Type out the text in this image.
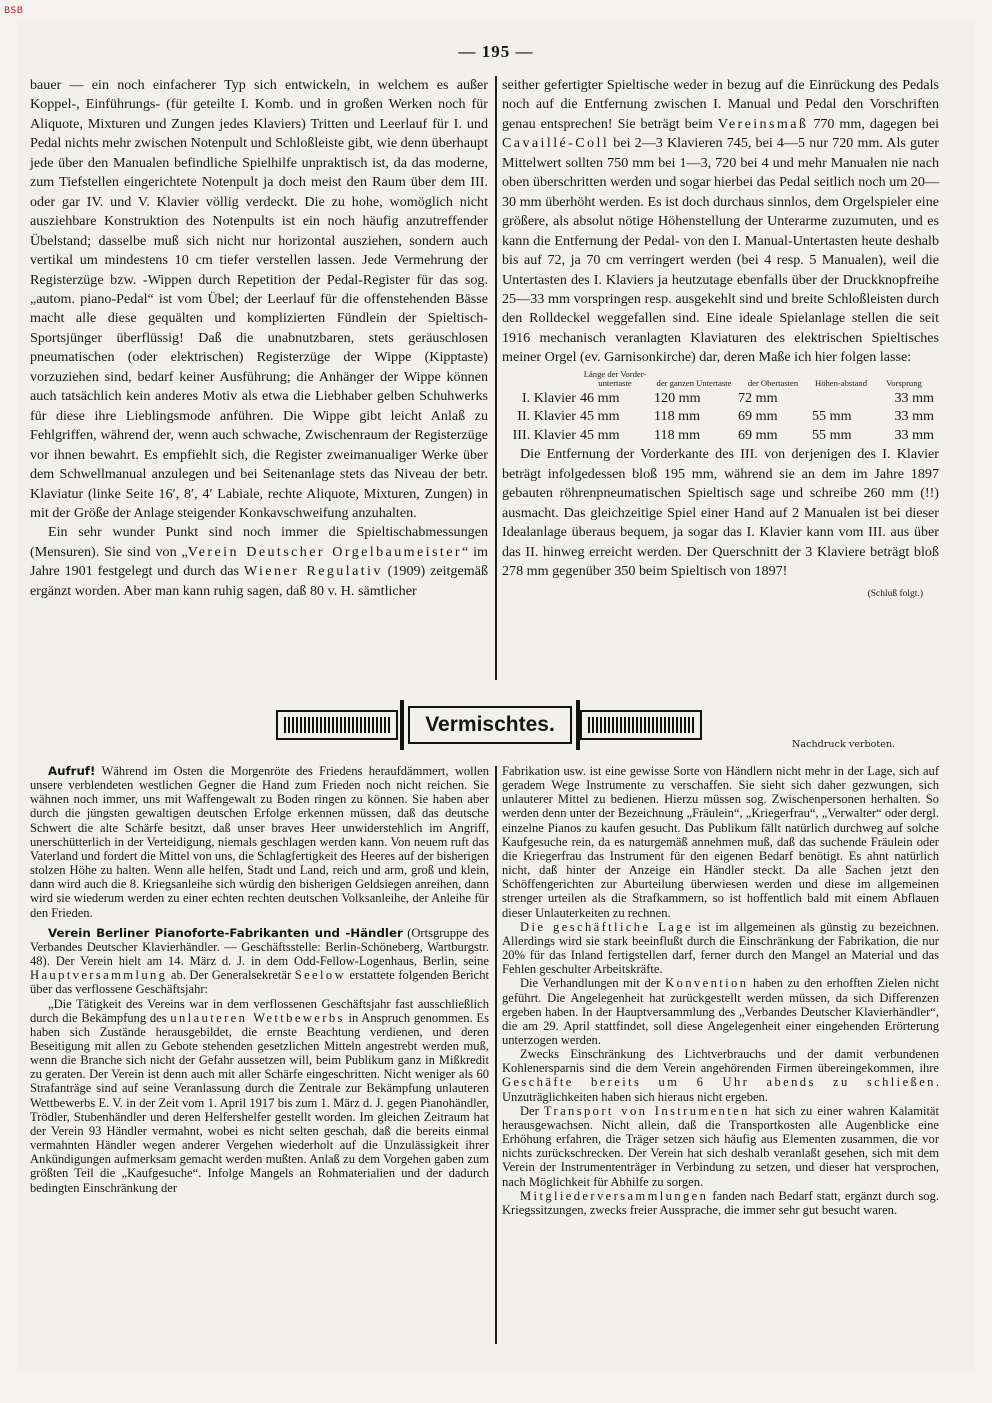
BSB
— 195 —

bauer — ein noch einfacherer Typ sich entwickeln, in welchem es außer Koppel-, Einführungs- (für geteilte I. Komb. und in großen Werken noch für Aliquote, Mixturen und Zungen jedes Klaviers) Tritten und Leerlauf für I. und Pedal nichts mehr zwischen Notenpult und Schloßleiste gibt, wie denn überhaupt jede über den Manualen befindliche Spielhilfe unpraktisch ist, da das moderne, zum Tiefstellen eingerichtete Notenpult ja doch meist den Raum über dem III. oder gar IV. und V. Klavier völlig verdeckt. Die zu hohe, womöglich nicht ausziehbare Konstruktion des Notenpults ist ein noch häufig anzutreffender Übelstand; dasselbe muß sich nicht nur horizontal ausziehen, sondern auch vertikal um mindestens 10 cm tiefer verstellen lassen. Jede Vermehrung der Registerzüge bzw. -Wippen durch Repetition der Pedal-Register für das sog. „autom. piano-Pedal“ ist vom Übel; der Leerlauf für die offenstehenden Bässe macht alle diese gequälten und komplizierten Fündlein der Spieltisch-Sportsjünger überflüssig! Daß die unabnutzbaren, stets geräuschlosen pneumatischen (oder elektrischen) Registerzüge der Wippe (Kipptaste) vorzuziehen sind, bedarf keiner Ausführung; die Anhänger der Wippe können auch tatsächlich kein anderes Motiv als etwa die Liebhaber gelben Schuhwerks für diese ihre Lieblingsmode anführen. Die Wippe gibt leicht Anlaß zu Fehlgriffen, während der, wenn auch schwache, Zwischenraum der Registerzüge vor ihnen bewahrt. Es empfiehlt sich, die Register zweimanualiger Werke über dem Schwellmanual anzulegen und bei Seitenanlage stets das Niveau der betr. Klaviatur (linke Seite 16′, 8′, 4′ Labiale, rechte Aliquote, Mixturen, Zungen) in mit der Größe der Anlage steigender Konkavschweifung anzuhalten.

Ein sehr wunder Punkt sind noch immer die Spieltischabmessungen (Mensuren). Sie sind von „Verein Deutscher Orgelbaumeister“ im Jahre 1901 festgelegt und durch das Wiener Regulativ (1909) zeitgemäß ergänzt worden. Aber man kann ruhig sagen, daß 80 v. H. sämtlicher

seither gefertigter Spieltische weder in bezug auf die Einrückung des Pedals noch auf die Entfernung zwischen I. Manual und Pedal den Vorschriften genau entsprechen! Sie beträgt beim Vereinsmaß 770 mm, dagegen bei Cavaillé-Coll bei 2—3 Klavieren 745, bei 4—5 nur 720 mm. Als guter Mittelwert sollten 750 mm bei 1—3, 720 bei 4 und mehr Manualen nie nach oben überschritten werden und sogar hierbei das Pedal seitlich noch um 20—30 mm überhöht werden. Es ist doch durchaus sinnlos, dem Orgelspieler eine größere, als absolut nötige Höhenstellung der Unterarme zuzumuten, und es kann die Entfernung der Pedal- von den I. Manual-Untertasten heute deshalb bis auf 72, ja 70 cm verringert werden (bei 4 resp. 5 Manualen), weil die Untertasten des I. Klaviers ja heutzutage ebenfalls über der Druckknopfreihe 25—33 mm vorspringen resp. ausgekehlt sind und breite Schloßleisten durch den Rolldeckel weggefallen sind. Eine ideale Spielanlage stellen die seit 1916 mechanisch veranlagten Klaviaturen des elektrischen Spieltisches meiner Orgel (ev. Garnisonkirche) dar, deren Maße ich hier folgen lasse:

	Länge der Vorder-untertaste	der ganzen Untertaste	der Obertasten	Höhen-abstand	Vorsprung
I. Klavier	46 mm	120 mm	72 mm		33 mm
II. Klavier	45 mm	118 mm	69 mm	55 mm	33 mm
III. Klavier	45 mm	118 mm	69 mm	55 mm	33 mm

Die Entfernung der Vorderkante des III. von derjenigen des I. Klavier beträgt infolgedessen bloß 195 mm, während sie an dem im Jahre 1897 gebauten röhrenpneumatischen Spieltisch sage und schreibe 260 mm (!!) ausmacht. Das gleichzeitige Spiel einer Hand auf 2 Manualen ist bei dieser Idealanlage überaus bequem, ja sogar das I. Klavier kann vom III. aus über das II. hinweg erreicht werden. Der Querschnitt der 3 Klaviere beträgt bloß 278 mm gegenüber 350 beim Spieltisch von 1897!

(Schluß folgt.)
Vermischtes.
Nachdruck verboten.

Aufruf! Während im Osten die Morgenröte des Friedens heraufdämmert, wollen unsere verblendeten westlichen Gegner die Hand zum Frieden noch nicht reichen. Sie wähnen noch immer, uns mit Waffengewalt zu Boden ringen zu können. Sie haben aber durch die jüngsten gewaltigen deutschen Erfolge erkennen müssen, daß das deutsche Schwert die alte Schärfe besitzt, daß unser braves Heer unwiderstehlich im Angriff, unerschütterlich in der Verteidigung, niemals geschlagen werden kann. Von neuem ruft das Vaterland und fordert die Mittel von uns, die Schlagfertigkeit des Heeres auf der bisherigen stolzen Höhe zu halten. Wenn alle helfen, Stadt und Land, reich und arm, groß und klein, dann wird auch die 8. Kriegsanleihe sich würdig den bisherigen Geldsiegen anreihen, dann wird sie wiederum werden zu einer echten rechten deutschen Volksanleihe, der Anleihe für den Frieden.

Verein Berliner Pianoforte-Fabrikanten und -Händler (Ortsgruppe des Verbandes Deutscher Klavierhändler. — Geschäftsstelle: Berlin-Schöneberg, Wartburgstr. 48). Der Verein hielt am 14. März d. J. in dem Odd-Fellow-Logenhaus, Berlin, seine Hauptversammlung ab. Der Generalsekretär Seelow erstattete folgenden Bericht über das verflossene Geschäftsjahr:

„Die Tätigkeit des Vereins war in dem verflossenen Geschäftsjahr fast ausschließlich durch die Bekämpfung des unlauteren Wettbewerbs in Anspruch genommen. Es haben sich Zustände herausgebildet, die ernste Beachtung verdienen, und deren Beseitigung mit allen zu Gebote stehenden gesetzlichen Mitteln angestrebt werden muß, wenn die Branche sich nicht der Gefahr aussetzen will, beim Publikum ganz in Mißkredit zu geraten. Der Verein ist denn auch mit aller Schärfe eingeschritten. Nicht weniger als 60 Strafanträge sind auf seine Veranlassung durch die Zentrale zur Bekämpfung unlauteren Wettbewerbs E. V. in der Zeit vom 1. April 1917 bis zum 1. März d. J. gegen Pianohändler, Trödler, Stubenhändler und deren Helfershelfer gestellt worden. Im gleichen Zeitraum hat der Verein 93 Händler vermahnt, wobei es nicht selten geschah, daß die bereits einmal vermahnten Händler wegen anderer Vergehen wiederholt auf die Unzulässigkeit ihrer Ankündigungen aufmerksam gemacht werden mußten. Anlaß zu dem Vorgehen gaben zum größten Teil die „Kaufgesuche“. Infolge Mangels an Rohmaterialien und der dadurch bedingten Einschränkung der

Fabrikation usw. ist eine gewisse Sorte von Händlern nicht mehr in der Lage, sich auf geradem Wege Instrumente zu verschaffen. Sie sieht sich daher gezwungen, sich unlauterer Mittel zu bedienen. Hierzu müssen sog. Zwischenpersonen herhalten. So werden denn unter der Bezeichnung „Fräulein“, „Kriegerfrau“, „Verwalter“ oder dergl. einzelne Pianos zu kaufen gesucht. Das Publikum fällt natürlich durchweg auf solche Kaufgesuche rein, da es naturgemäß annehmen muß, daß das suchende Fräulein oder die Kriegerfrau das Instrument für den eigenen Bedarf benötigt. Es ahnt natürlich nicht, daß hinter der Anzeige ein Händler steckt. Da alle Sachen jetzt den Schöffengerichten zur Aburteilung überwiesen werden und diese im allgemeinen strenger urteilen als die Strafkammern, so ist hoffentlich bald mit einem Abflauen dieser Unlauterkeiten zu rechnen.

Die geschäftliche Lage ist im allgemeinen als günstig zu bezeichnen. Allerdings wird sie stark beeinflußt durch die Einschränkung der Fabrikation, die nur 20% für das Inland fertigstellen darf, ferner durch den Mangel an Material und das Fehlen geschulter Arbeitskräfte.

Die Verhandlungen mit der Konvention haben zu den erhofften Zielen nicht geführt. Die Angelegenheit hat zurückgestellt werden müssen, da sich Differenzen ergeben haben. In der Hauptversammlung des „Verbandes Deutscher Klavierhändler“, die am 29. April stattfindet, soll diese Angelegenheit einer eingehenden Erörterung unterzogen werden.

Zwecks Einschränkung des Lichtverbrauchs und der damit verbundenen Kohlenersparnis sind die dem Verein angehörenden Firmen übereingekommen, ihre Geschäfte bereits um 6 Uhr abends zu schließen. Unzuträglichkeiten haben sich hieraus nicht ergeben.

Der Transport von Instrumenten hat sich zu einer wahren Kalamität herausgewachsen. Nicht allein, daß die Transportkosten alle Augenblicke eine Erhöhung erfahren, die Träger setzen sich häufig aus Elementen zusammen, die vor nichts zurückschrecken. Der Verein hat sich deshalb veranlaßt gesehen, sich mit dem Verein der Instrumententräger in Verbindung zu setzen, und dieser hat versprochen, nach Möglichkeit für Abhilfe zu sorgen.

Mitgliederversammlungen fanden nach Bedarf statt, ergänzt durch sog. Kriegssitzungen, zwecks freier Aussprache, die immer sehr gut besucht waren.
